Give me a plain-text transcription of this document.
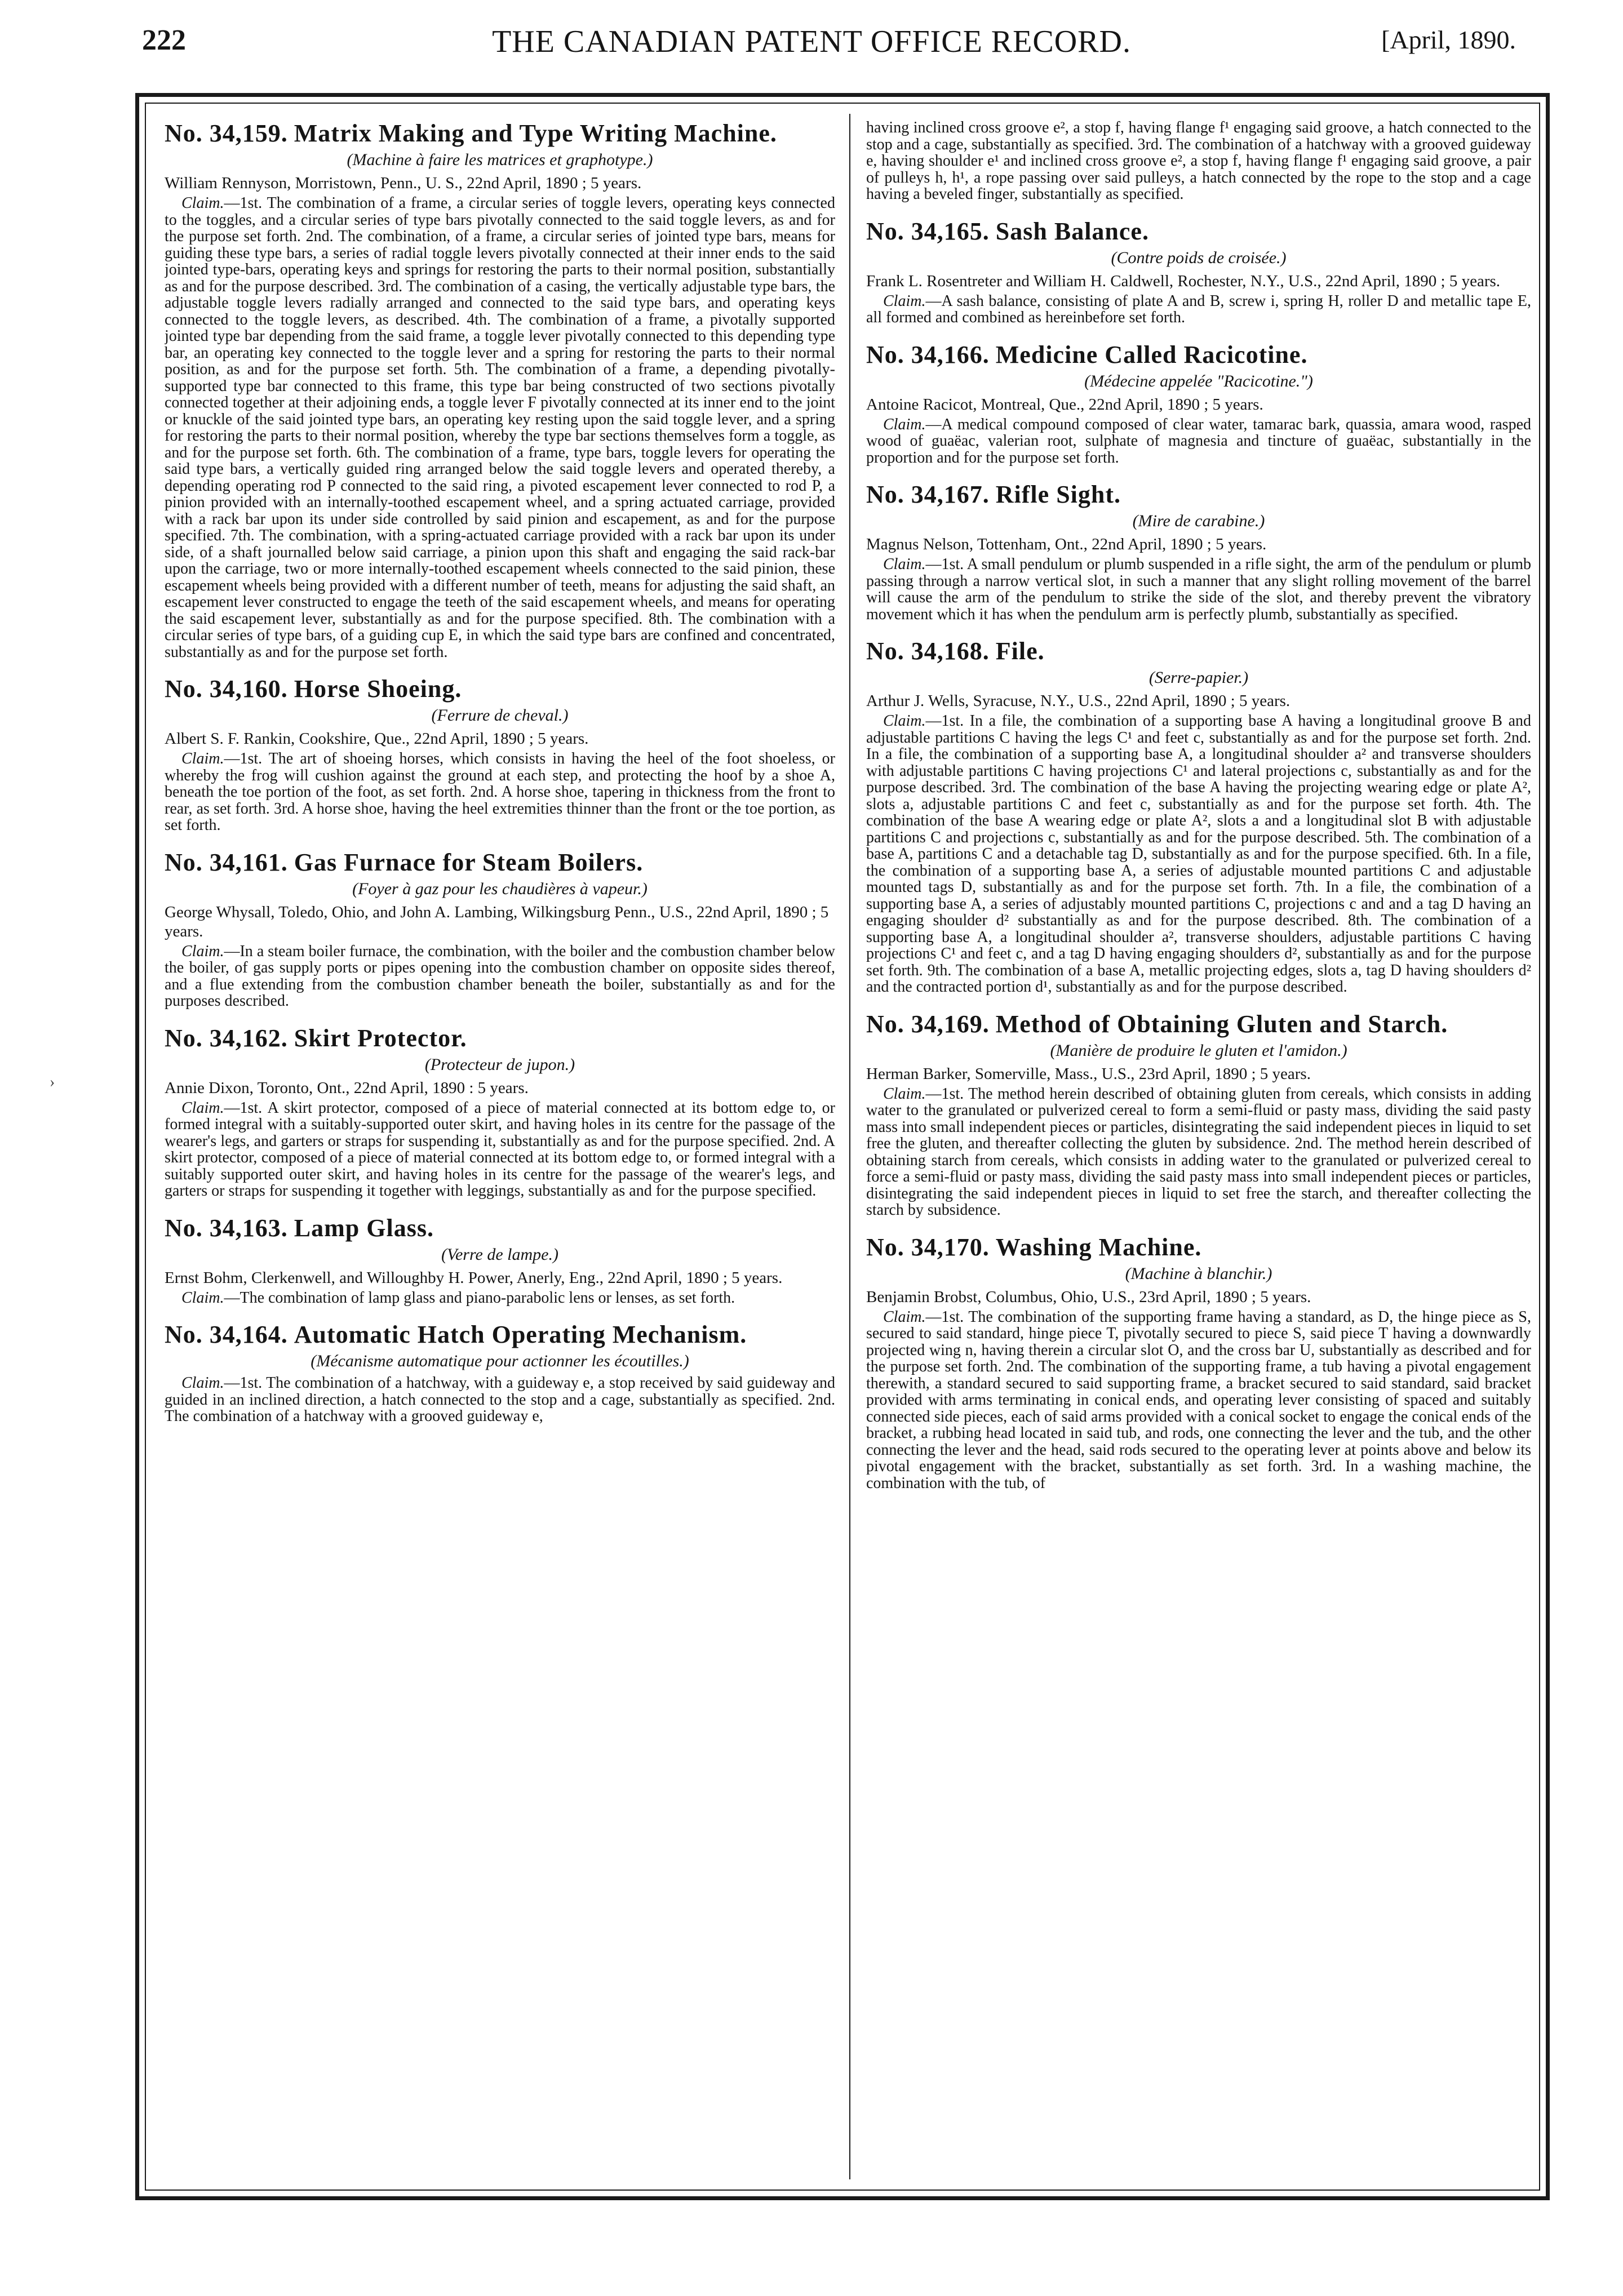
222	THE CANADIAN PATENT OFFICE RECORD.	[April, 1890.
›
No. 34,159. Matrix Making and Type Writing Machine.
(Machine à faire les matrices et graphotype.)
William Rennyson, Morristown, Penn., U. S., 22nd April, 1890 ; 5 years.
Claim.—1st. The combination of a frame, a circular series of toggle levers, operating keys connected to the toggles, and a circular series of type bars pivotally connected to the said toggle levers, as and for the purpose set forth. 2nd. The combination, of a frame, a circular series of jointed type bars, means for guiding these type bars, a series of radial toggle levers pivotally connected at their inner ends to the said jointed type-bars, operating keys and springs for restoring the parts to their normal position, substantially as and for the purpose described. 3rd. The combination of a casing, the vertically adjustable type bars, the adjustable toggle levers radially arranged and connected to the said type bars, and operating keys connected to the toggle levers, as described. 4th. The combination of a frame, a pivotally supported jointed type bar depending from the said frame, a toggle lever pivotally connected to this depending type bar, an operating key connected to the toggle lever and a spring for restoring the parts to their normal position, as and for the purpose set forth. 5th. The combination of a frame, a depending pivotally-supported type bar connected to this frame, this type bar being constructed of two sections pivotally connected together at their adjoining ends, a toggle lever F pivotally connected at its inner end to the joint or knuckle of the said jointed type bars, an operating key resting upon the said toggle lever, and a spring for restoring the parts to their normal position, whereby the type bar sections themselves form a toggle, as and for the purpose set forth. 6th. The combination of a frame, type bars, toggle levers for operating the said type bars, a vertically guided ring arranged below the said toggle levers and operated thereby, a depending operating rod P connected to the said ring, a pivoted escapement lever connected to rod P, a pinion provided with an internally-toothed escapement wheel, and a spring actuated carriage, provided with a rack bar upon its under side controlled by said pinion and escapement, as and for the purpose specified. 7th. The combination, with a spring-actuated carriage provided with a rack bar upon its under side, of a shaft journalled below said carriage, a pinion upon this shaft and engaging the said rack-bar upon the carriage, two or more internally-toothed escapement wheels connected to the said pinion, these escapement wheels being provided with a different number of teeth, means for adjusting the said shaft, an escapement lever constructed to engage the teeth of the said escapement wheels, and means for operating the said escapement lever, substantially as and for the purpose specified. 8th. The combination with a circular series of type bars, of a guiding cup E, in which the said type bars are confined and concentrated, substantially as and for the purpose set forth.
No. 34,160. Horse Shoeing.
(Ferrure de cheval.)
Albert S. F. Rankin, Cookshire, Que., 22nd April, 1890 ; 5 years.
Claim.—1st. The art of shoeing horses, which consists in having the heel of the foot shoeless, or whereby the frog will cushion against the ground at each step, and protecting the hoof by a shoe A, beneath the toe portion of the foot, as set forth. 2nd. A horse shoe, tapering in thickness from the front to rear, as set forth. 3rd. A horse shoe, having the heel extremities thinner than the front or the toe portion, as set forth.
No. 34,161. Gas Furnace for Steam Boilers.
(Foyer à gaz pour les chaudières à vapeur.)
George Whysall, Toledo, Ohio, and John A. Lambing, Wilkingsburg Penn., U.S., 22nd April, 1890 ; 5 years.
Claim.—In a steam boiler furnace, the combination, with the boiler and the combustion chamber below the boiler, of gas supply ports or pipes opening into the combustion chamber on opposite sides thereof, and a flue extending from the combustion chamber beneath the boiler, substantially as and for the purposes described.
No. 34,162. Skirt Protector.
(Protecteur de jupon.)
Annie Dixon, Toronto, Ont., 22nd April, 1890 : 5 years.
Claim.—1st. A skirt protector, composed of a piece of material connected at its bottom edge to, or formed integral with a suitably-supported outer skirt, and having holes in its centre for the passage of the wearer's legs, and garters or straps for suspending it, substantially as and for the purpose specified. 2nd. A skirt protector, composed of a piece of material connected at its bottom edge to, or formed integral with a suitably supported outer skirt, and having holes in its centre for the passage of the wearer's legs, and garters or straps for suspending it together with leggings, substantially as and for the purpose specified.
No. 34,163. Lamp Glass.
(Verre de lampe.)
Ernst Bohm, Clerkenwell, and Willoughby H. Power, Anerly, Eng., 22nd April, 1890 ; 5 years.
Claim.—The combination of lamp glass and piano-parabolic lens or lenses, as set forth.
No. 34,164. Automatic Hatch Operating Mechanism.
(Mécanisme automatique pour actionner les écoutilles.)
Claim.—1st. The combination of a hatchway, with a guideway e, a stop received by said guideway and guided in an inclined direction, a hatch connected to the stop and a cage, substantially as specified. 2nd. The combination of a hatchway with a grooved guideway e,
having inclined cross groove e², a stop f, having flange f¹ engaging said groove, a hatch connected to the stop and a cage, substantially as specified. 3rd. The combination of a hatchway with a grooved guideway e, having shoulder e¹ and inclined cross groove e², a stop f, having flange f¹ engaging said groove, a pair of pulleys h, h¹, a rope passing over said pulleys, a hatch connected by the rope to the stop and a cage having a beveled finger, substantially as specified.
No. 34,165. Sash Balance.
(Contre poids de croisée.)
Frank L. Rosentreter and William H. Caldwell, Rochester, N.Y., U.S., 22nd April, 1890 ; 5 years.
Claim.—A sash balance, consisting of plate A and B, screw i, spring H, roller D and metallic tape E, all formed and combined as hereinbefore set forth.
No. 34,166. Medicine Called Racicotine.
(Médecine appelée "Racicotine.")
Antoine Racicot, Montreal, Que., 22nd April, 1890 ; 5 years.
Claim.—A medical compound composed of clear water, tamarac bark, quassia, amara wood, rasped wood of guaëac, valerian root, sulphate of magnesia and tincture of guaëac, substantially in the proportion and for the purpose set forth.
No. 34,167. Rifle Sight.
(Mire de carabine.)
Magnus Nelson, Tottenham, Ont., 22nd April, 1890 ; 5 years.
Claim.—1st. A small pendulum or plumb suspended in a rifle sight, the arm of the pendulum or plumb passing through a narrow vertical slot, in such a manner that any slight rolling movement of the barrel will cause the arm of the pendulum to strike the side of the slot, and thereby prevent the vibratory movement which it has when the pendulum arm is perfectly plumb, substantially as specified.
No. 34,168. File.
(Serre-papier.)
Arthur J. Wells, Syracuse, N.Y., U.S., 22nd April, 1890 ; 5 years.
Claim.—1st. In a file, the combination of a supporting base A having a longitudinal groove B and adjustable partitions C having the legs C¹ and feet c, substantially as and for the purpose set forth. 2nd. In a file, the combination of a supporting base A, a longitudinal shoulder a² and transverse shoulders with adjustable partitions C having projections C¹ and lateral projections c, substantially as and for the purpose described. 3rd. The combination of the base A having the projecting wearing edge or plate A², slots a, adjustable partitions C and feet c, substantially as and for the purpose set forth. 4th. The combination of the base A wearing edge or plate A², slots a and a longitudinal slot B with adjustable partitions C and projections c, substantially as and for the purpose described. 5th. The combination of a base A, partitions C and a detachable tag D, substantially as and for the purpose specified. 6th. In a file, the combination of a supporting base A, a series of adjustable mounted partitions C and adjustable mounted tags D, substantially as and for the purpose set forth. 7th. In a file, the combination of a supporting base A, a series of adjustably mounted partitions C, projections c and and a tag D having an engaging shoulder d² substantially as and for the purpose described. 8th. The combination of a supporting base A, a longitudinal shoulder a², transverse shoulders, adjustable partitions C having projections C¹ and feet c, and a tag D having engaging shoulders d², substantially as and for the purpose set forth. 9th. The combination of a base A, metallic projecting edges, slots a, tag D having shoulders d² and the contracted portion d¹, substantially as and for the purpose described.
No. 34,169. Method of Obtaining Gluten and Starch.
(Manière de produire le gluten et l'amidon.)
Herman Barker, Somerville, Mass., U.S., 23rd April, 1890 ; 5 years.
Claim.—1st. The method herein described of obtaining gluten from cereals, which consists in adding water to the granulated or pulverized cereal to form a semi-fluid or pasty mass, dividing the said pasty mass into small independent pieces or particles, disintegrating the said independent pieces in liquid to set free the gluten, and thereafter collecting the gluten by subsidence. 2nd. The method herein described of obtaining starch from cereals, which consists in adding water to the granulated or pulverized cereal to force a semi-fluid or pasty mass, dividing the said pasty mass into small independent pieces or particles, disintegrating the said independent pieces in liquid to set free the starch, and thereafter collecting the starch by subsidence.
No. 34,170. Washing Machine.
(Machine à blanchir.)
Benjamin Brobst, Columbus, Ohio, U.S., 23rd April, 1890 ; 5 years.
Claim.—1st. The combination of the supporting frame having a standard, as D, the hinge piece as S, secured to said standard, hinge piece T, pivotally secured to piece S, said piece T having a downwardly projected wing n, having therein a circular slot O, and the cross bar U, substantially as described and for the purpose set forth. 2nd. The combination of the supporting frame, a tub having a pivotal engagement therewith, a standard secured to said supporting frame, a bracket secured to said standard, said bracket provided with arms terminating in conical ends, and operating lever consisting of spaced and suitably connected side pieces, each of said arms provided with a conical socket to engage the conical ends of the bracket, a rubbing head located in said tub, and rods, one connecting the lever and the tub, and the other connecting the lever and the head, said rods secured to the operating lever at points above and below its pivotal engagement with the bracket, substantially as set forth. 3rd. In a washing machine, the combination with the tub, of
